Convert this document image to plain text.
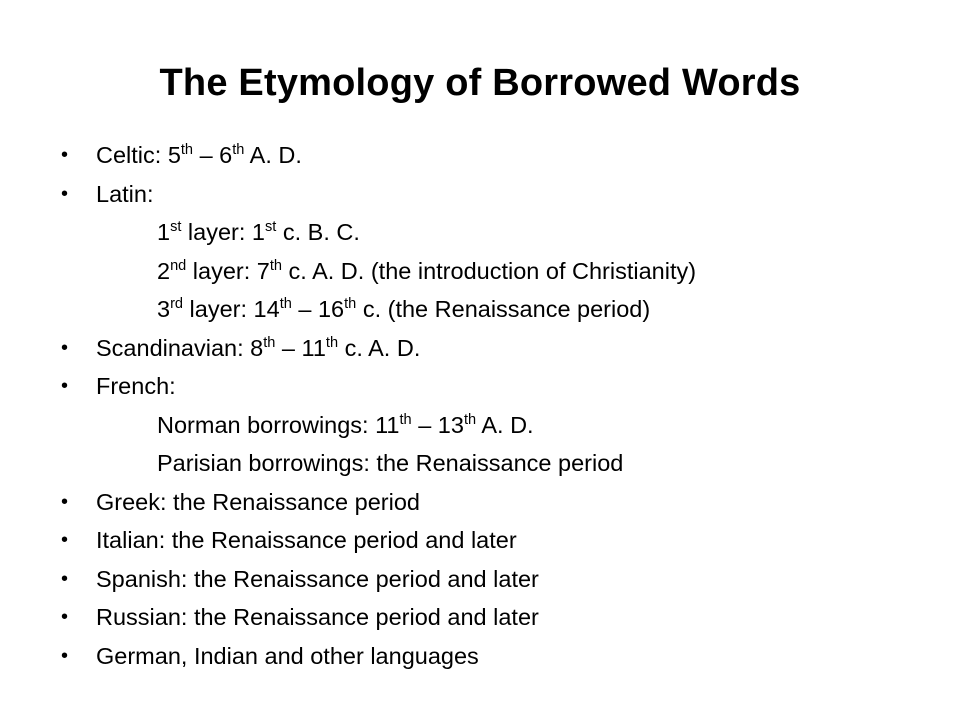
The Etymology of Borrowed Words
• Celtic: 5th – 6th A. D.
• Latin:
1st layer: 1st c. B. C.
2nd layer: 7th c. A. D. (the introduction of Christianity)
3rd layer: 14th – 16th c. (the Renaissance period)
• Scandinavian: 8th – 11th c. A. D.
• French:
Norman borrowings: 11th – 13th A. D.
Parisian borrowings: the Renaissance period
• Greek: the Renaissance period
• Italian: the Renaissance period and later
• Spanish: the Renaissance period and later
• Russian: the Renaissance period and later
• German, Indian and other languages
